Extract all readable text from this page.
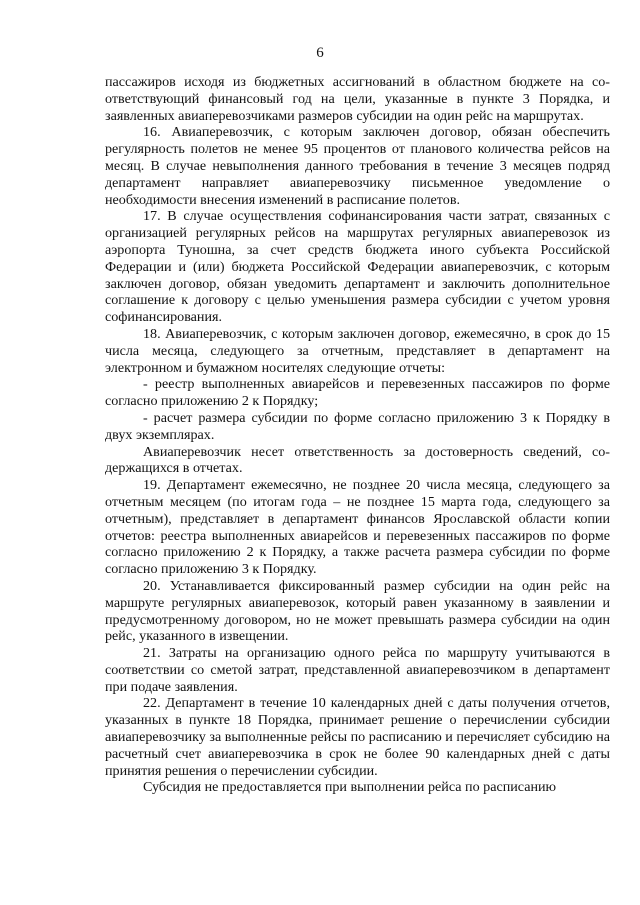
6

пассажиров исходя из бюджетных ассигнований в областном бюджете на соответствующий финансовый год на цели, указанные в пункте 3 Порядка, и заявленных авиаперевозчиками размеров субсидии на один рейс на маршрутах.

16. Авиаперевозчик, с которым заключен договор, обязан обеспечить регулярность полетов не менее 95 процентов от планового количества рейсов на месяц. В случае невыполнения данного требования в течение 3 месяцев подряд департамент направляет авиаперевозчику письменное уведомление о необходимости внесения изменений в расписание полетов.

17. В случае осуществления софинансирования части затрат, связанных с организацией регулярных рейсов на маршрутах регулярных авиаперевозок из аэропорта Туношна, за счет средств бюджета иного субъекта Российской Федерации и (или) бюджета Российской Федерации авиаперевозчик, с которым заключен договор, обязан уведомить департамент и заключить дополнительное соглашение к договору с целью уменьшения размера субсидии с учетом уровня софинансирования.

18. Авиаперевозчик, с которым заключен договор, ежемесячно, в срок до 15 числа месяца, следующего за отчетным, представляет в департамент на электронном и бумажном носителях следующие отчеты:

- реестр выполненных авиарейсов и перевезенных пассажиров по форме согласно приложению 2 к Порядку;

- расчет размера субсидии по форме согласно приложению 3 к Порядку в двух экземплярах.

Авиаперевозчик несет ответственность за достоверность сведений, содержащихся в отчетах.

19. Департамент ежемесячно, не позднее 20 числа месяца, следующего за отчетным месяцем (по итогам года – не позднее 15 марта года, следующего за отчетным), представляет в департамент финансов Ярославской области копии отчетов: реестра выполненных авиарейсов и перевезенных пассажиров по форме согласно приложению 2 к Порядку, а также расчета размера субсидии по форме согласно приложению 3 к Порядку.

20. Устанавливается фиксированный размер субсидии на один рейс на маршруте регулярных авиаперевозок, который равен указанному в заявлении и предусмотренному договором, но не может превышать размера субсидии на один рейс, указанного в извещении.

21. Затраты на организацию одного рейса по маршруту учитываются в соответствии со сметой затрат, представленной авиаперевозчиком в департамент при подаче заявления.

22. Департамент в течение 10 календарных дней с даты получения отчетов, указанных в пункте 18 Порядка, принимает решение о перечислении субсидии авиаперевозчику за выполненные рейсы по расписанию и перечисляет субсидию на расчетный счет авиаперевозчика в срок не более 90 календарных дней с даты принятия решения о перечислении субсидии.

Субсидия не предоставляется при выполнении рейса по расписанию
